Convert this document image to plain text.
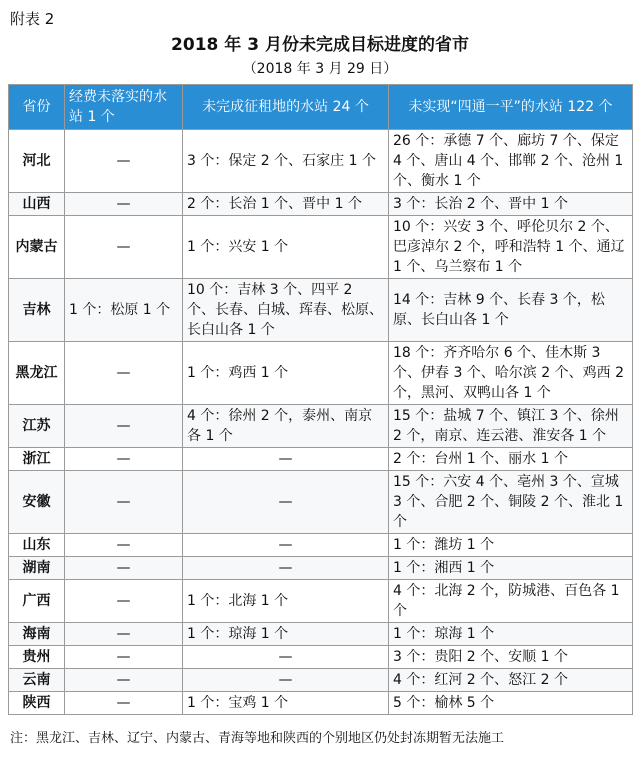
附表 2
2018 年 3 月份未完成目标进度的省市
（2018 年 3 月 29 日）
省份	经费未落实的水站 1 个	未完成征租地的水站 24 个	未实现“四通一平”的水站 122 个
河北	—	3 个：保定 2 个、石家庄 1 个	26 个：承德 7 个、廊坊 7 个、保定 4 个、唐山 4 个、邯郸 2 个、沧州 1 个、衡水 1 个
山西	—	2 个：长治 1 个、晋中 1 个	3 个：长治 2 个、晋中 1 个
内蒙古	—	1 个：兴安 1 个	10 个：兴安 3 个、呼伦贝尔 2 个、巴彦淖尔 2 个，呼和浩特 1 个、通辽 1 个、乌兰察布 1 个
吉林	1 个：松原 1 个	10 个：吉林 3 个、四平 2 个、长春、白城、珲春、松原、长白山各 1 个	14 个：吉林 9 个、长春 3 个，松原、长白山各 1 个
黑龙江	—	1 个：鸡西 1 个	18 个：齐齐哈尔 6 个、佳木斯 3 个、伊春 3 个、哈尔滨 2 个、鸡西 2 个，黑河、双鸭山各 1 个
江苏	—	4 个：徐州 2 个，泰州、南京各 1 个	15 个：盐城 7 个、镇江 3 个、徐州 2 个，南京、连云港、淮安各 1 个
浙江	—	—	2 个：台州 1 个、丽水 1 个
安徽	—	—	15 个：六安 4 个、亳州 3 个、宣城 3 个、合肥 2 个、铜陵 2 个、淮北 1 个
山东	—	—	1 个：潍坊 1 个
湖南	—	—	1 个：湘西 1 个
广西	—	1 个：北海 1 个	4 个：北海 2 个，防城港、百色各 1 个
海南	—	1 个：琼海 1 个	1 个：琼海 1 个
贵州	—	—	3 个：贵阳 2 个、安顺 1 个
云南	—	—	4 个：红河 2 个、怒江 2 个
陕西	—	1 个：宝鸡 1 个	5 个：榆林 5 个
注：黑龙江、吉林、辽宁、内蒙古、青海等地和陕西的个别地区仍处封冻期暂无法施工
